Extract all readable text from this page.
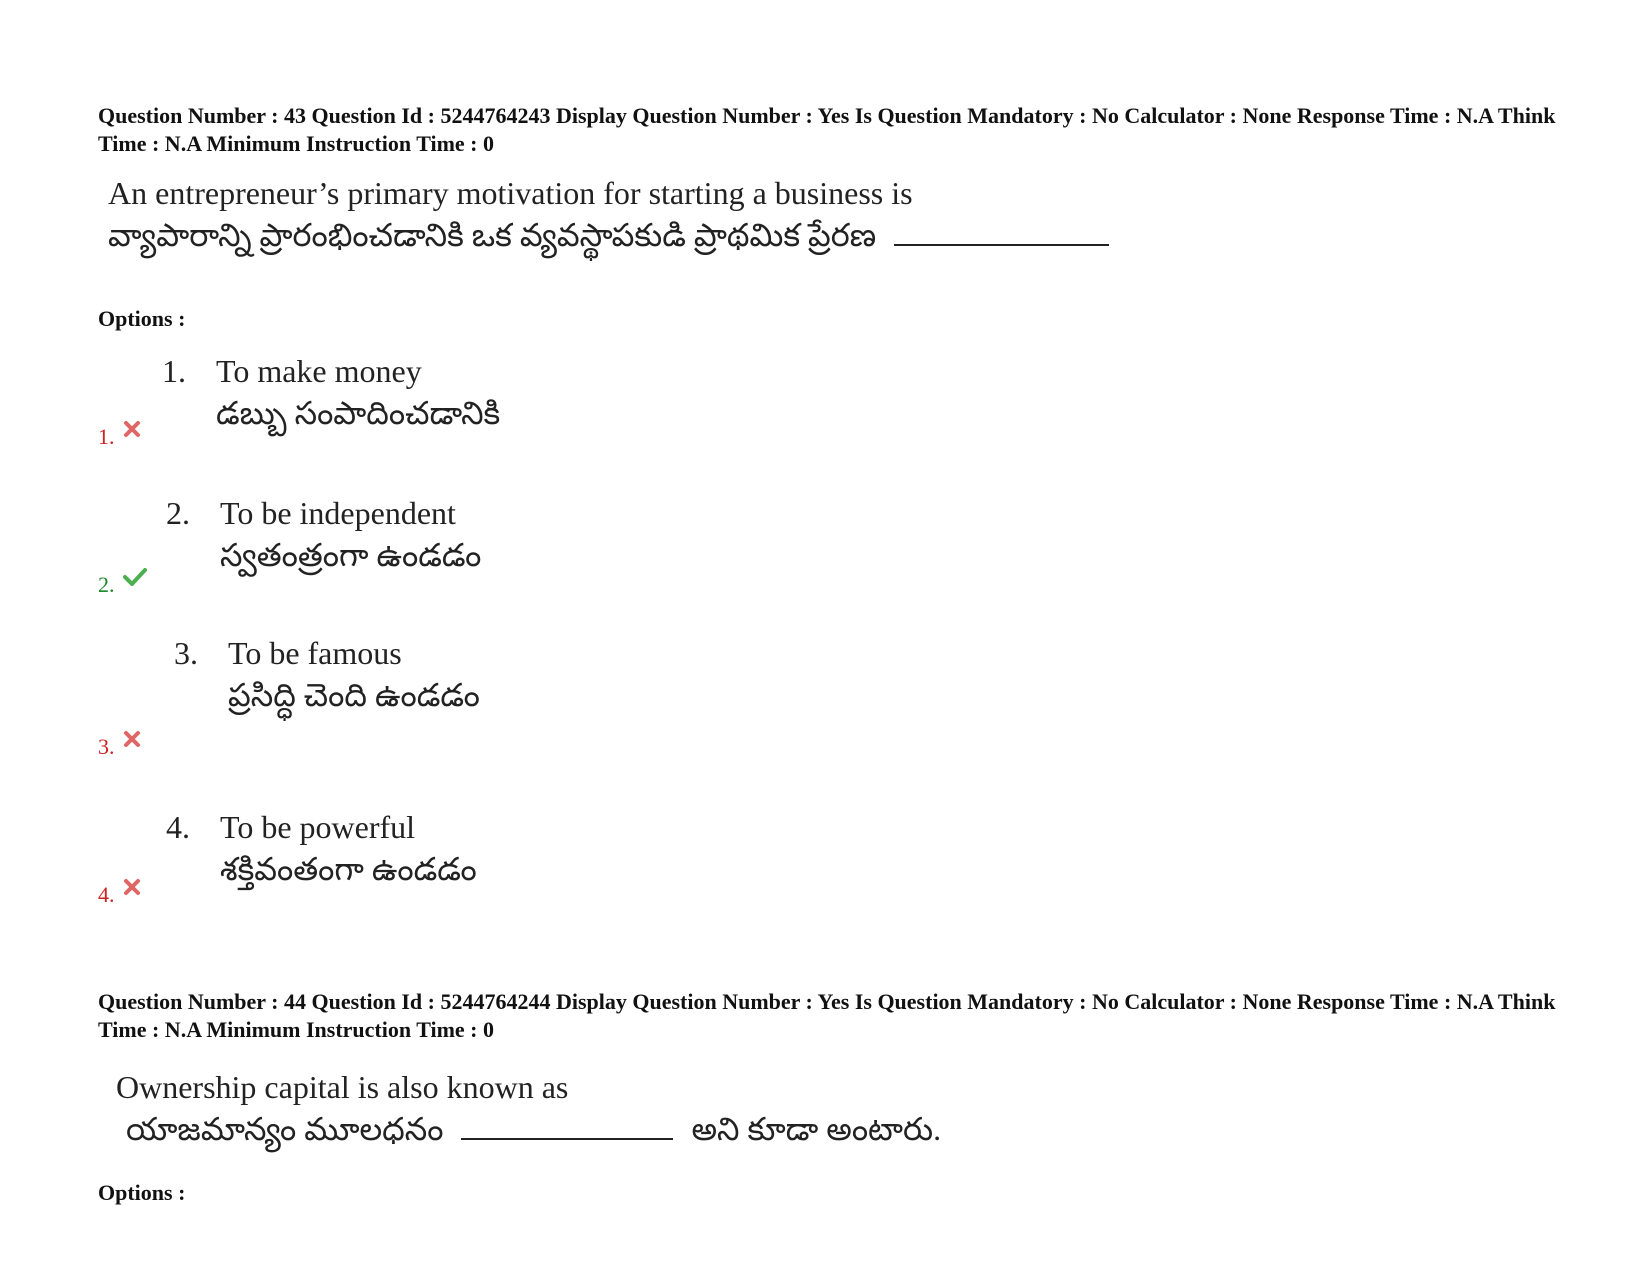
Question Number : 43 Question Id : 5244764243 Display Question Number : Yes Is Question Mandatory : No Calculator : None Response Time : N.A Think Time : N.A Minimum Instruction Time : 0

An entrepreneur’s primary motivation for starting a business is
వ్యాపారాన్ని ప్రారంభించడానికి ఒక వ్యవస్థాపకుడి ప్రాథమిక ప్రేరణ
Options :
1. To make money
డబ్బు సంపాదించడానికి
1.
2. To be independent
స్వతంత్రంగా ఉండడం
2.
3. To be famous
ప్రసిద్ధి చెంది ఉండడం
3.
4. To be powerful
శక్తివంతంగా ఉండడం
4.

Question Number : 44 Question Id : 5244764244 Display Question Number : Yes Is Question Mandatory : No Calculator : None Response Time : N.A Think Time : N.A Minimum Instruction Time : 0

Ownership capital is also known as
యాజమాన్యం మూలధనం	అని కూడా అంటారు.
Options :
